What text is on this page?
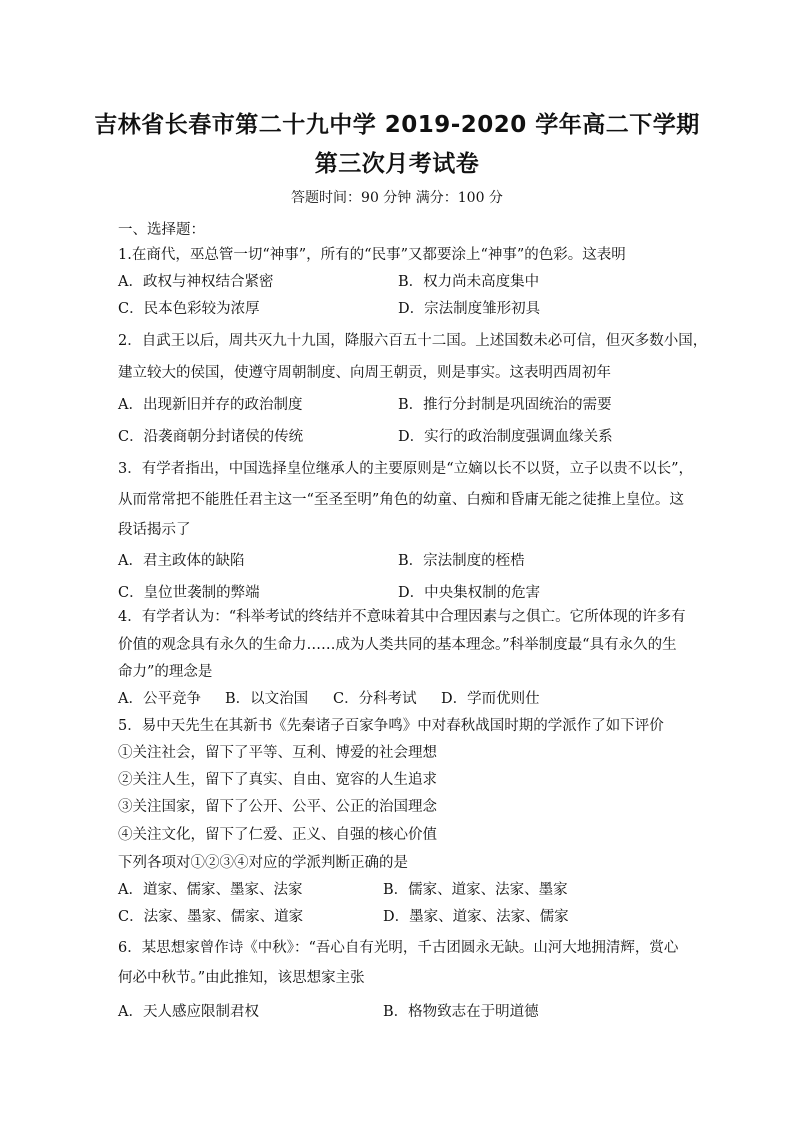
吉林省长春市第二十九中学 2019-2020 学年高二下学期
第三次月考试卷
答题时间：90 分钟 满分：100 分
一、选择题：
1.在商代，巫总管一切“神事”，所有的“民事”又都要涂上“神事”的色彩。这表明
A．政权与神权结合紧密	B．权力尚未高度集中
C．民本色彩较为浓厚	D．宗法制度雏形初具
2．自武王以后，周共灭九十九国，降服六百五十二国。上述国数未必可信，但灭多数小国，
建立较大的侯国，使遵守周朝制度、向周王朝贡，则是事实。这表明西周初年
A．出现新旧并存的政治制度	B．推行分封制是巩固统治的需要
C．沿袭商朝分封诸侯的传统	D．实行的政治制度强调血缘关系
3．有学者指出，中国选择皇位继承人的主要原则是“立嫡以长不以贤，立子以贵不以长”，
从而常常把不能胜任君主这一“至圣至明”角色的幼童、白痴和昏庸无能之徒推上皇位。这
段话揭示了
A．君主政体的缺陷	B．宗法制度的桎梏
C．皇位世袭制的弊端	D．中央集权制的危害
4．有学者认为：“科举考试的终结并不意味着其中合理因素与之俱亡。它所体现的许多有
价值的观念具有永久的生命力……成为人类共同的基本理念。”科举制度最“具有永久的生
命力”的理念是
A．公平竞争 B．以文治国 C．分科考试 D．学而优则仕
5．易中天先生在其新书《先秦诸子百家争鸣》中对春秋战国时期的学派作了如下评价
①关注社会，留下了平等、互利、博爱的社会理想
②关注人生，留下了真实、自由、宽容的人生追求
③关注国家，留下了公开、公平、公正的治国理念
④关注文化，留下了仁爱、正义、自强的核心价值
下列各项对①②③④对应的学派判断正确的是
A．道家、儒家、墨家、法家	B．儒家、道家、法家、墨家
C．法家、墨家、儒家、道家	D．墨家、道家、法家、儒家
6．某思想家曾作诗《中秋》：“吾心自有光明，千古团圆永无缺。山河大地拥清辉，赏心
何必中秋节。”由此推知，该思想家主张
A．天人感应限制君权	B．格物致志在于明道德
